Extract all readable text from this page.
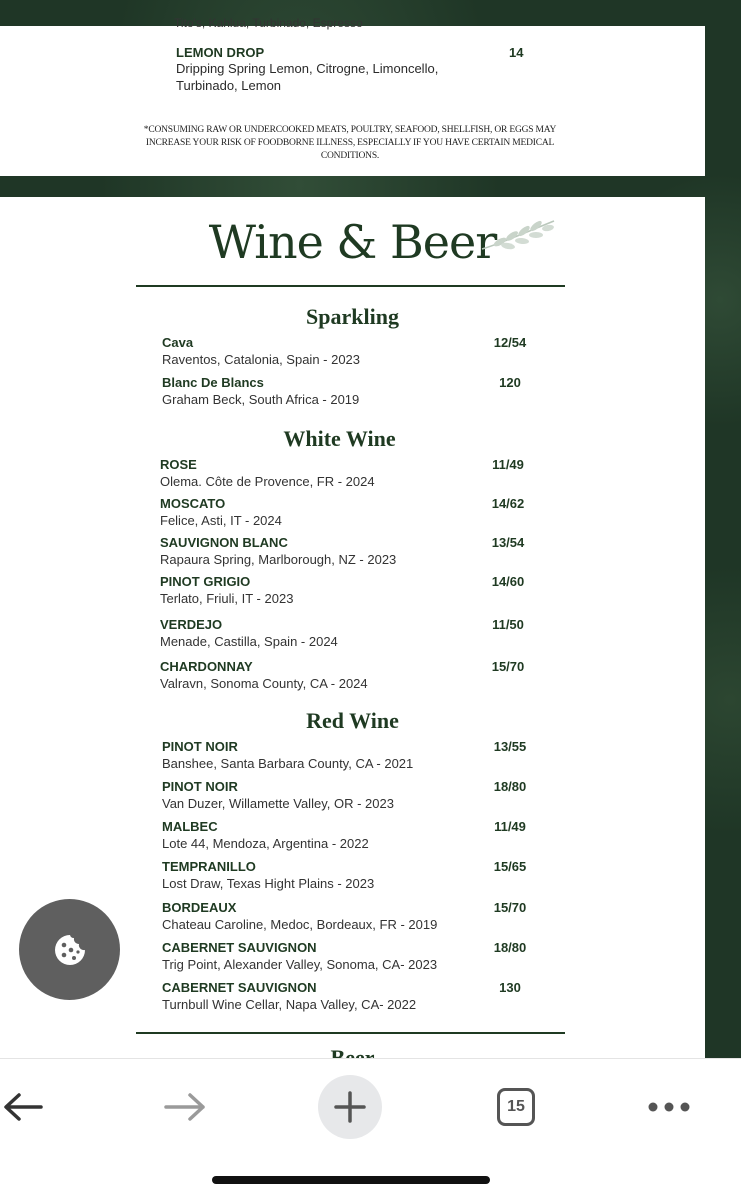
Tito's, Kahlua, Turbinado, Espresso
LEMON DROP
Dripping Spring Lemon, Citrogne, Limoncello, Turbinado, Lemon
14
*CONSUMING RAW OR UNDERCOOKED MEATS, POULTRY, SEAFOOD, SHELLFISH, OR EGGS MAY INCREASE YOUR RISK OF FOODBORNE ILLNESS, ESPECIALLY IF YOU HAVE CERTAIN MEDICAL CONDITIONS.
Wine & Beer
Sparkling
Cava
Raventos, Catalonia, Spain - 2023
12/54
Blanc De Blancs
Graham Beck, South Africa - 2019
120
White Wine
ROSE
Olema. Côte de Provence, FR - 2024
11/49
MOSCATO
Felice, Asti, IT - 2024
14/62
SAUVIGNON BLANC
Rapaura Spring, Marlborough, NZ - 2023
13/54
PINOT GRIGIO
Terlato, Friuli, IT - 2023
14/60
VERDEJO
Menade, Castilla, Spain - 2024
11/50
CHARDONNAY
Valravn, Sonoma County, CA - 2024
15/70
Red Wine
PINOT NOIR
Banshee, Santa Barbara County, CA - 2021
13/55
PINOT NOIR
Van Duzer, Willamette Valley, OR - 2023
18/80
MALBEC
Lote 44, Mendoza, Argentina - 2022
11/49
TEMPRANILLO
Lost Draw, Texas Hight Plains - 2023
15/65
BORDEAUX
Chateau Caroline, Medoc, Bordeaux, FR - 2019
15/70
CABERNET SAUVIGNON
Trig Point, Alexander Valley, Sonoma, CA- 2023
18/80
CABERNET SAUVIGNON
Turnbull Wine Cellar, Napa Valley, CA- 2022
130
15
